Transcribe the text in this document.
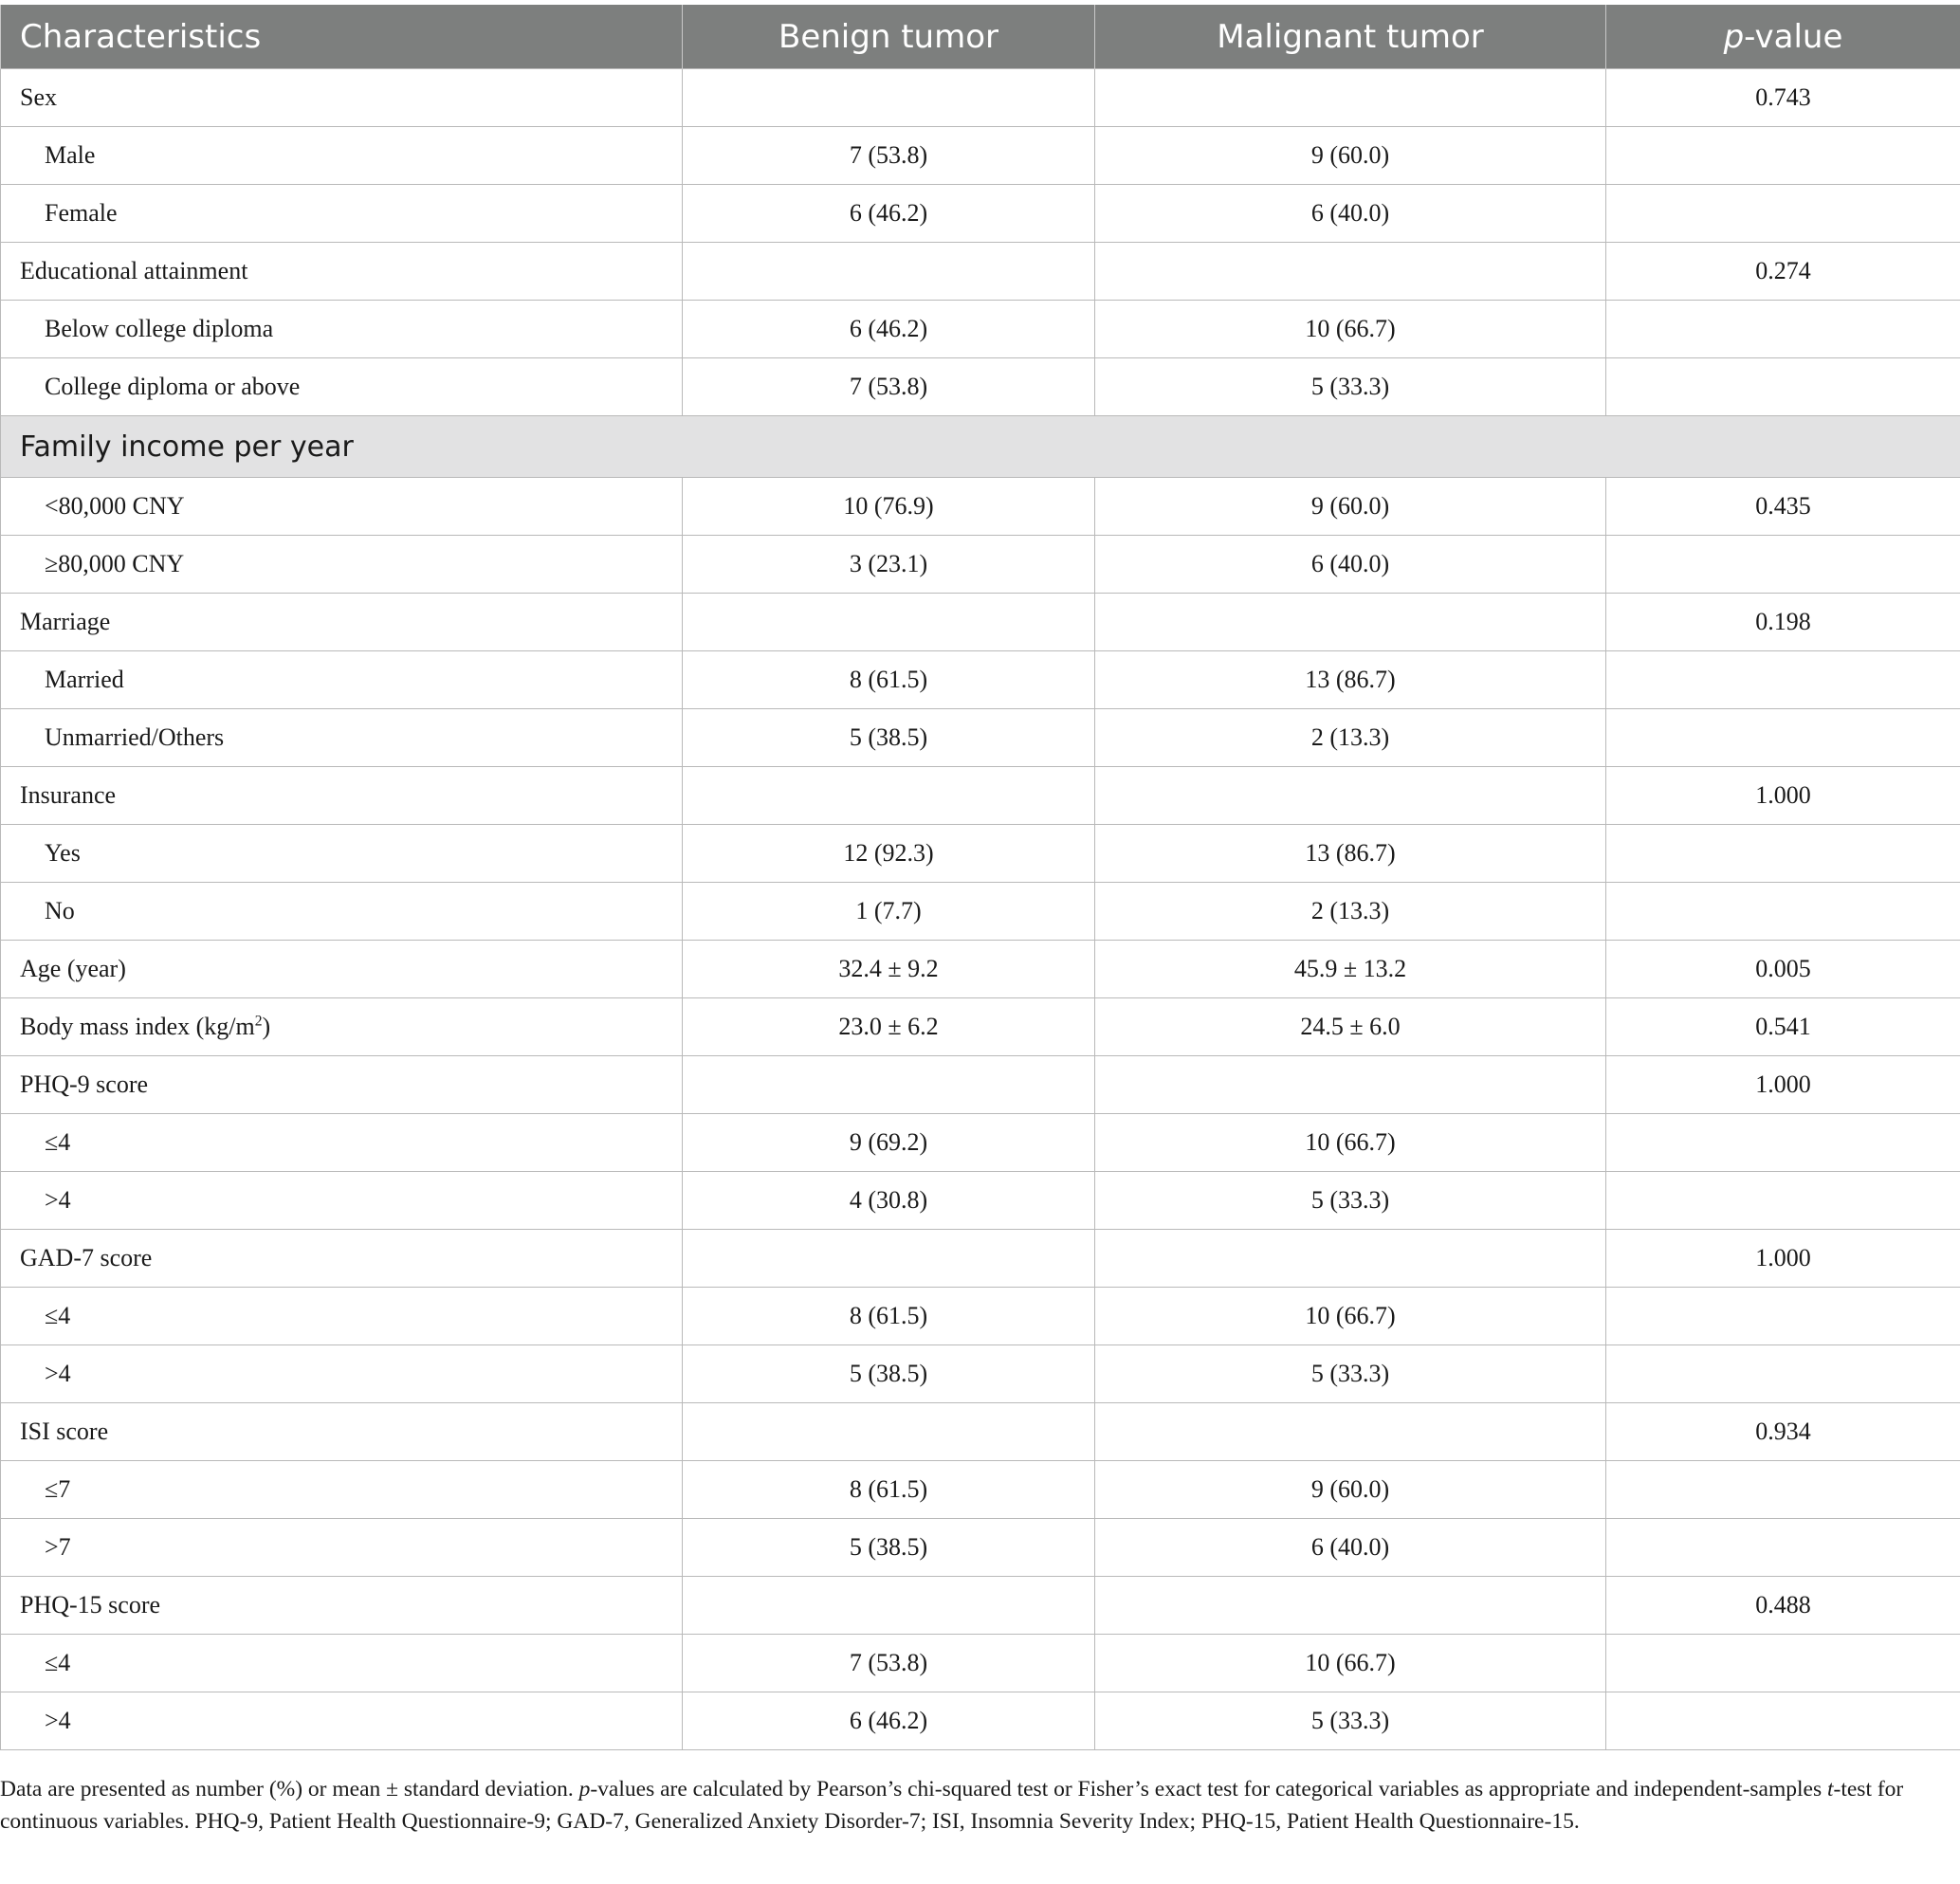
Characteristics	Benign tumor	Malignant tumor	p-value
Sex			0.743
Male	7 (53.8)	9 (60.0)	
Female	6 (46.2)	6 (40.0)	
Educational attainment			0.274
Below college diploma	6 (46.2)	10 (66.7)	
College diploma or above	7 (53.8)	5 (33.3)	
Family income per year			
<80,000 CNY	10 (76.9)	9 (60.0)	0.435
≥80,000 CNY	3 (23.1)	6 (40.0)	
Marriage			0.198
Married	8 (61.5)	13 (86.7)	
Unmarried/Others	5 (38.5)	2 (13.3)	
Insurance			1.000
Yes	12 (92.3)	13 (86.7)	
No	1 (7.7)	2 (13.3)	
Age (year)	32.4 ± 9.2	45.9 ± 13.2	0.005
Body mass index $(kg/m^2)$	23.0 ± 6.2	24.5 ± 6.0	0.541
PHQ-9 score			1.000
≤4	9 (69.2)	10 (66.7)	
>4	4 (30.8)	5 (33.3)	
GAD-7 score			1.000
≤4	8 (61.5)	10 (66.7)	
>4	5 (38.5)	5 (33.3)	
ISI score			0.934
≤7	8 (61.5)	9 (60.0)	
>7	5 (38.5)	6 (40.0)	
PHQ-15 score			0.488
≤4	7 (53.8)	10 (66.7)	
>4	6 (46.2)	5 (33.3)	

Data are presented as number (%) or mean ± standard deviation. p-values are calculated by Pearson’s chi-squared test or Fisher’s exact test for categorical variables as appropriate and independent-samples t-test for continuous variables. PHQ-9, Patient Health Questionnaire-9; GAD-7, Generalized Anxiety Disorder-7; ISI, Insomnia Severity Index; PHQ-15, Patient Health Questionnaire-15.
